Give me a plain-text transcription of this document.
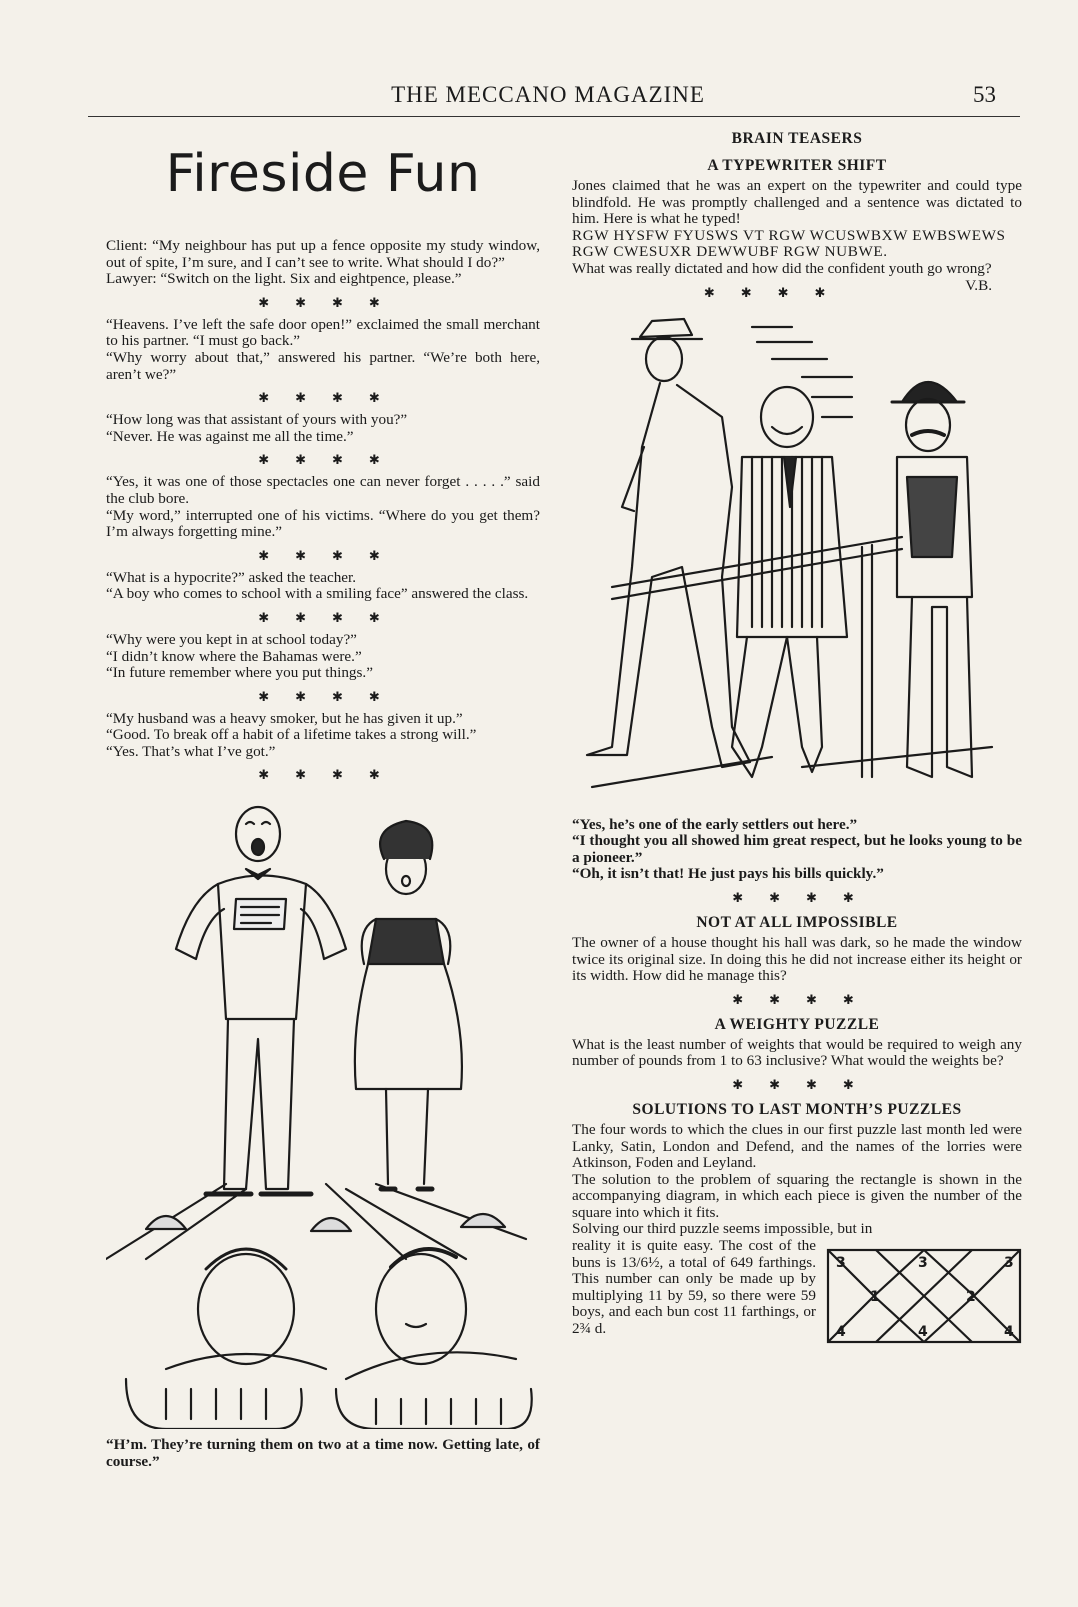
THE MECCANO MAGAZINE	53
Fireside Fun

Client: “My neighbour has put up a fence opposite my study window, out of spite, I’m sure, and I can’t see to write. What should I do?”

Lawyer: “Switch on the light. Six and eightpence, please.”

✱✱✱✱

“Heavens. I’ve left the safe door open!” exclaimed the small merchant to his partner. “I must go back.”

“Why worry about that,” answered his partner. “We’re both here, aren’t we?”

✱✱✱✱

“How long was that assistant of yours with you?”

“Never. He was against me all the time.”

✱✱✱✱

“Yes, it was one of those spectacles one can never forget . . . . .” said the club bore.

“My word,” interrupted one of his victims. “Where do you get them? I’m always forgetting mine.”

✱✱✱✱

“What is a hypocrite?” asked the teacher.

“A boy who comes to school with a smiling face” answered the class.

✱✱✱✱

“Why were you kept in at school today?”

“I didn’t know where the Bahamas were.”

“In future remember where you put things.”

✱✱✱✱

“My husband was a heavy smoker, but he has given it up.”

“Good. To break off a habit of a lifetime takes a strong will.”

“Yes. That’s what I’ve got.”

✱✱✱✱

“H’m. They’re turning them on two at a time now. Getting late, of course.”

BRAIN TEASERS
A TYPEWRITER SHIFT

Jones claimed that he was an expert on the typewriter and could type blindfold. He was promptly challenged and a sentence was dictated to him. Here is what he typed!

RGW HYSFW FYUSWS VT RGW WCUSWBXW EWBSWEWS RGW CWESUXR DEWWUBF RGW NUBWE.

What was really dictated and how did the confident youth go wrong?
V.B.

✱✱✱✱

“Yes, he’s one of the early settlers out here.”

“I thought you all showed him great respect, but he looks young to be a pioneer.”

“Oh, it isn’t that! He just pays his bills quickly.”

✱✱✱✱
NOT AT ALL IMPOSSIBLE

The owner of a house thought his hall was dark, so he made the window twice its original size. In doing this he did not increase either its height or its width. How did he manage this?

✱✱✱✱
A WEIGHTY PUZZLE

What is the least number of weights that would be required to weigh any number of pounds from 1 to 63 inclusive? What would the weights be?

✱✱✱✱
SOLUTIONS TO LAST MONTH’S PUZZLES

The four words to which the clues in our first puzzle last month led were Lanky, Satin, London and Defend, and the names of the lorries were Atkinson, Foden and Leyland.

The solution to the problem of squaring the rectangle is shown in the accompanying diagram, in which each piece is given the number of the square into which it fits.

Solving our third puzzle seems impossible, but in

3	3	3
1	2
4	4	4

reality it is quite easy. The cost of the buns is 13/6½, a total of 649 farthings. This number can only be made up by multiplying 11 by 59, so there were 59 boys, and each bun cost 11 farthings, or 2¾ d.
